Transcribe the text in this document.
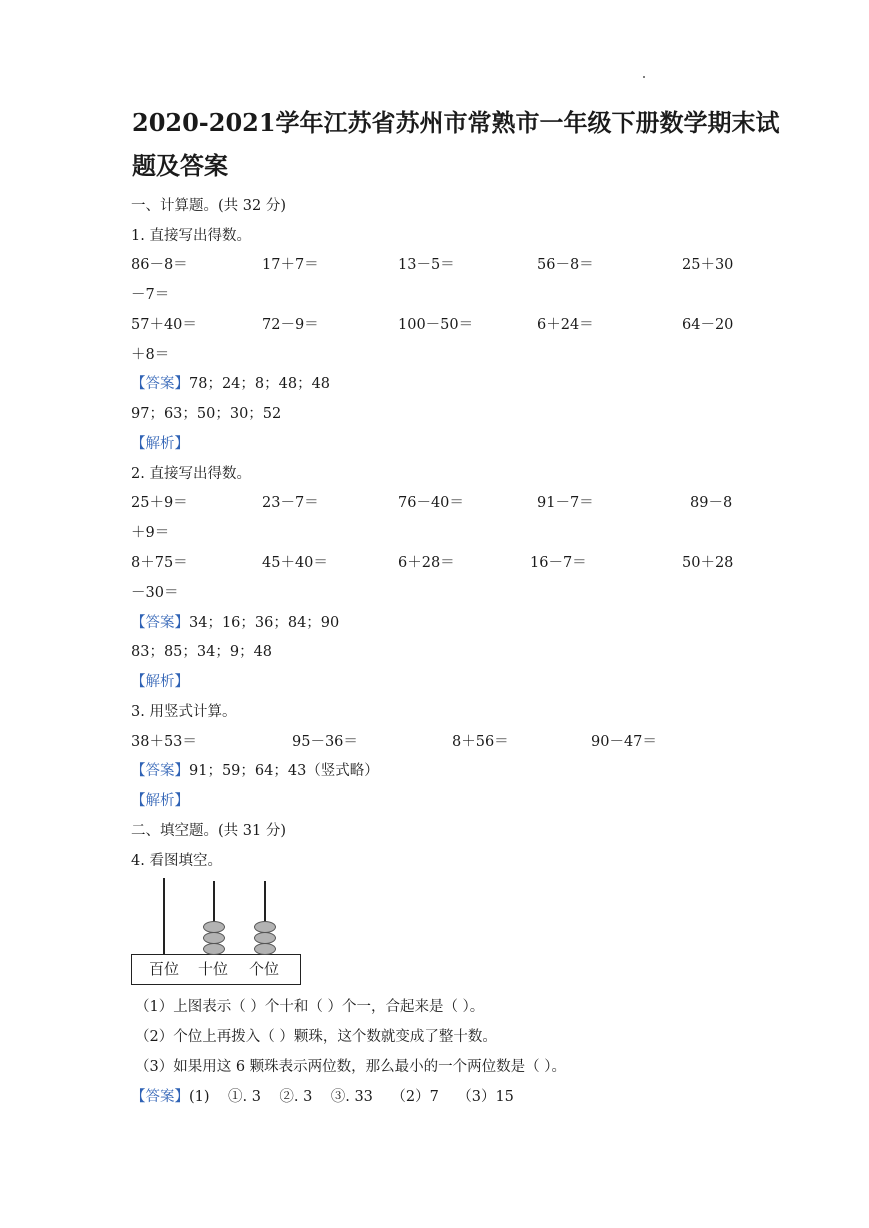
2020-2021学年江苏省苏州市常熟市一年级下册数学期末试
题及答案
一、计算题。(共 32 分)
1. 直接写出得数。
86－8＝	17＋7＝	13－5＝	56－8＝	25＋30
－7＝
57＋40＝	72－9＝	100－50＝	6＋24＝	64－20
＋8＝
【答案】78；24；8；48；48
97；63；50；30；52
【解析】
2. 直接写出得数。
25＋9＝	23－7＝	76－40＝	91－7＝	89－8
＋9＝
8＋75＝	45＋40＝	6＋28＝	16－7＝	50＋28
－30＝
【答案】34；16；36；84；90
83；85；34；9；48
【解析】
3. 用竖式计算。
38＋53＝	95－36＝	8＋56＝	90－47＝
【答案】91；59；64；43（竖式略）
【解析】
二、填空题。(共 31 分)
4. 看图填空。
百位 十位 个位
（1）上图表示（ ）个十和（ ）个一，合起来是（ ）。
（2）个位上再拨入（ ）颗珠，这个数就变成了整十数。
（3）如果用这 6 颗珠表示两位数，那么最小的一个两位数是（ ）。
【答案】(1)    ①. 3    ②. 3    ③. 33    （2）7    （3）15
